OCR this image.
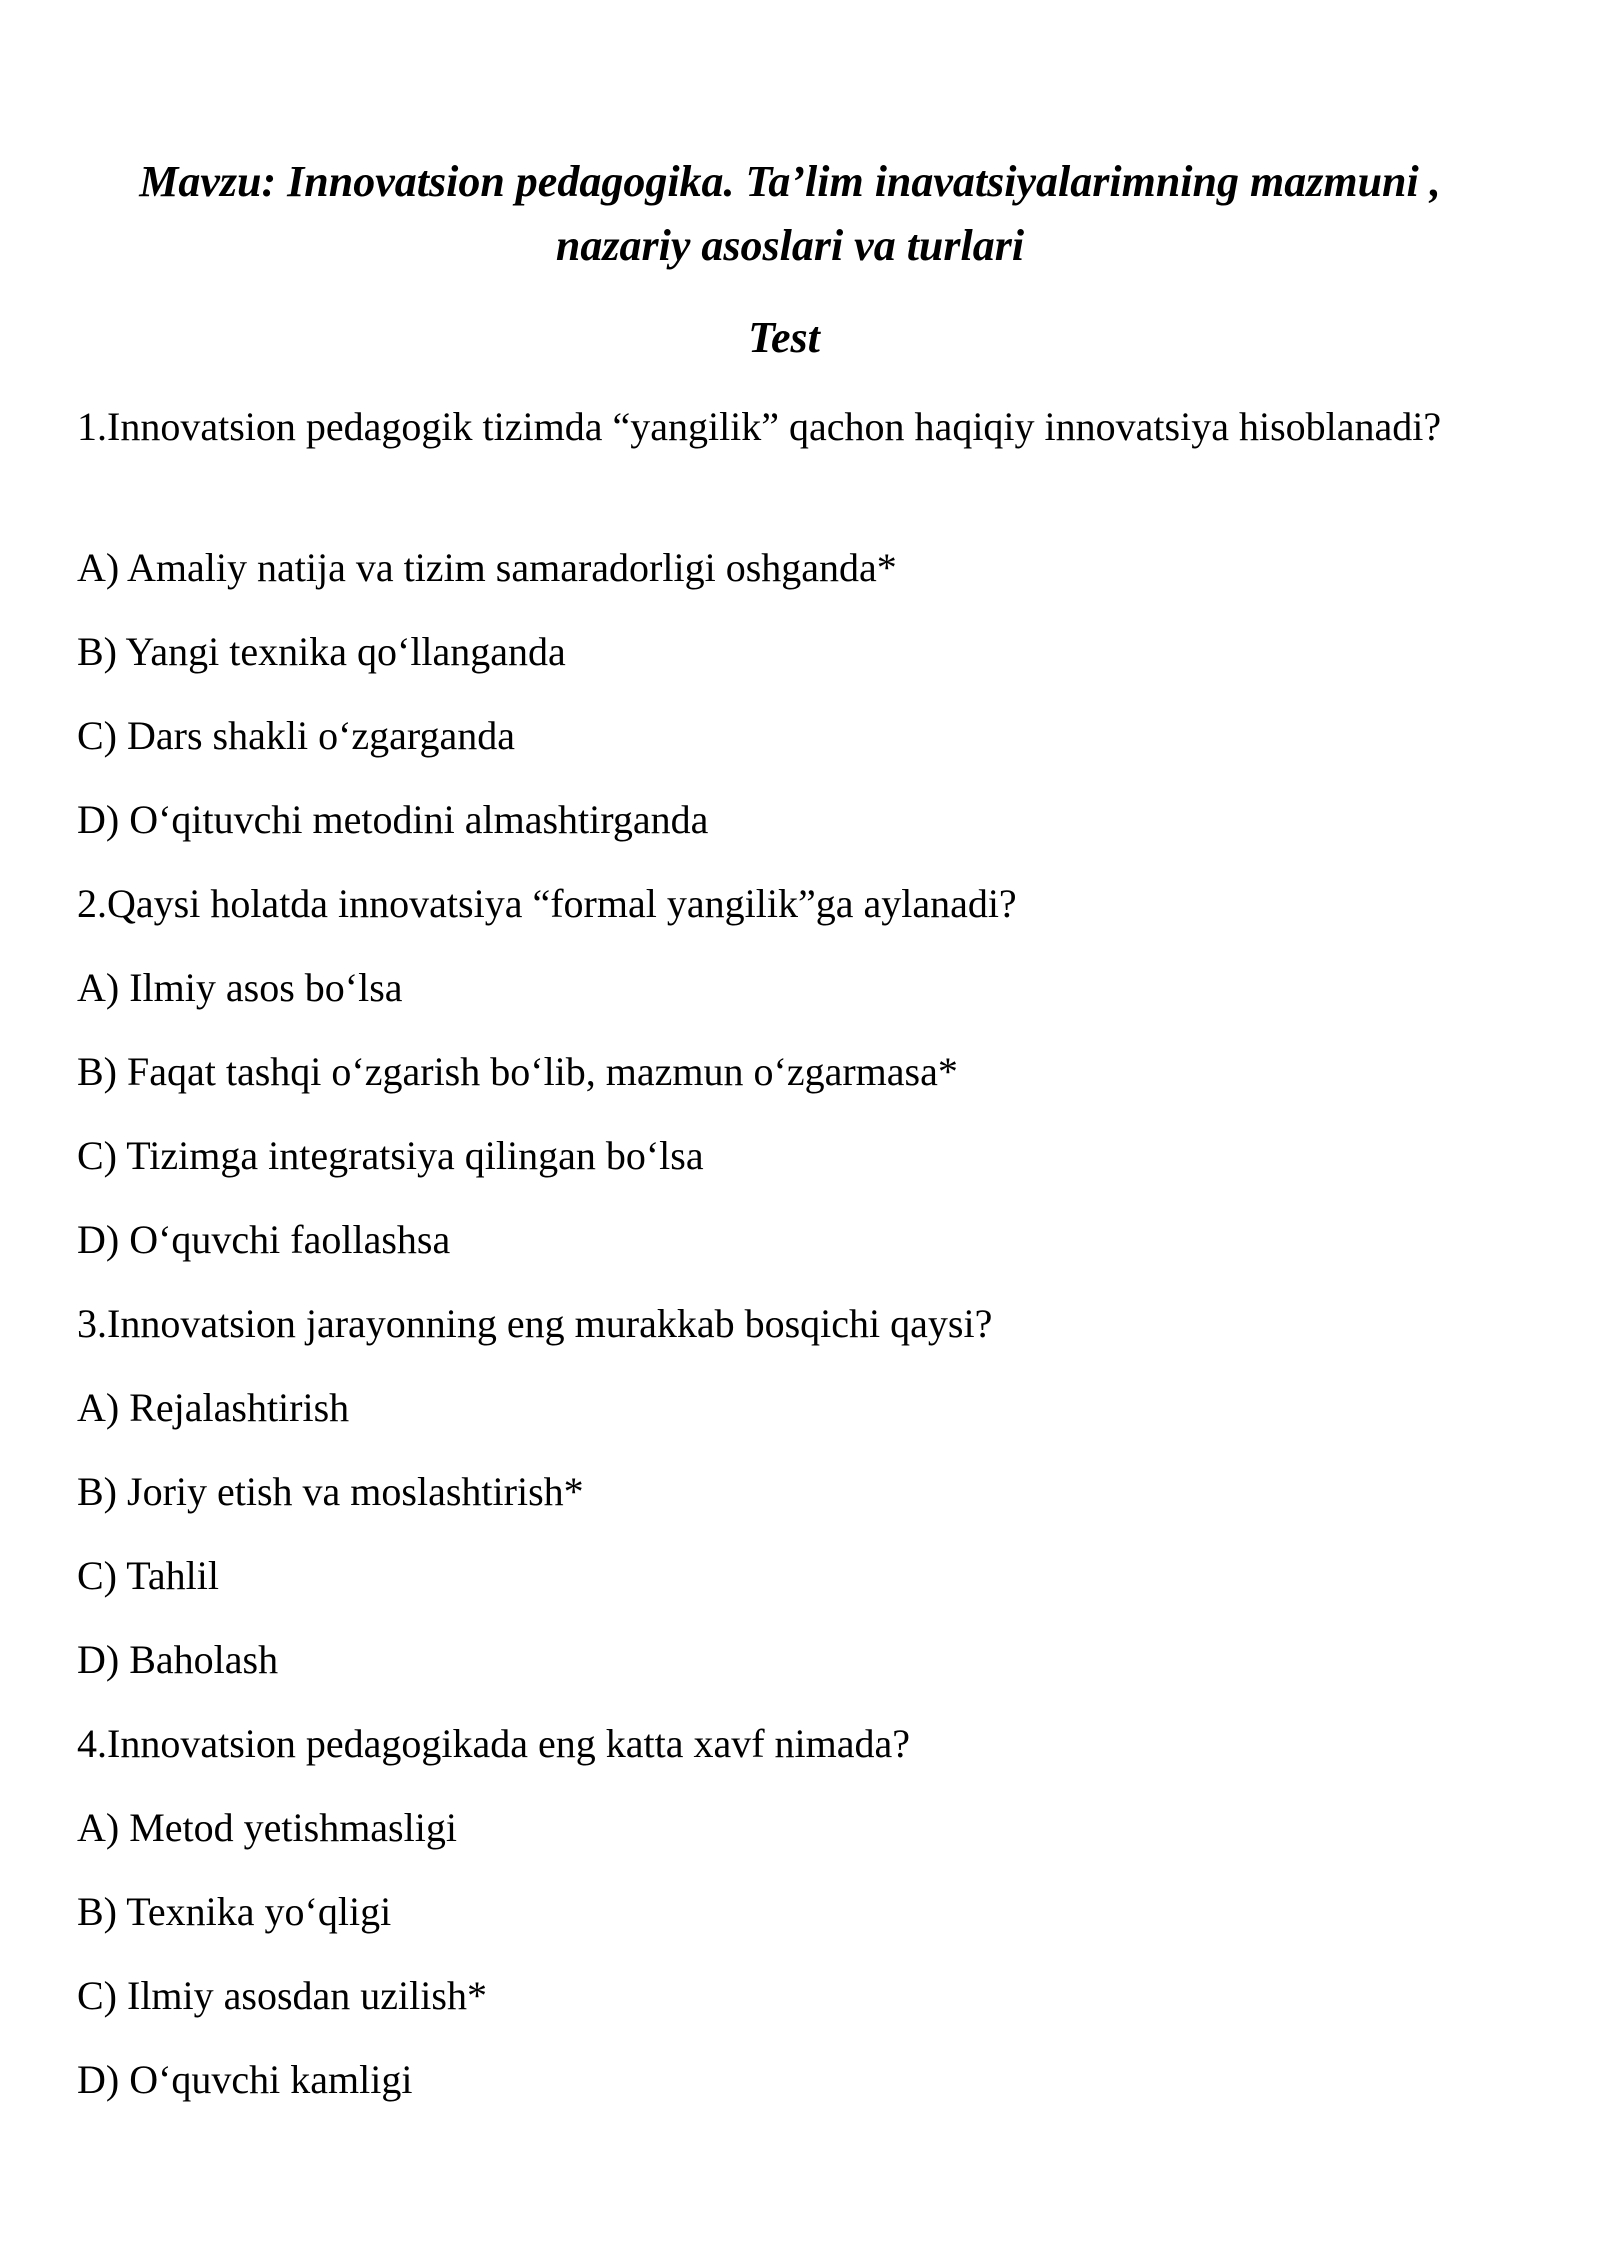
Mavzu: Innovatsion pedagogika. Ta’lim inavatsiyalarimning mazmuni , nazariy asoslari va turlari
Test

1.Innovatsion pedagogik tizimda “yangilik” qachon haqiqiy innovatsiya hisoblanadi?

A) Amaliy natija va tizim samaradorligi oshganda*

B) Yangi texnika qo‘llanganda

C) Dars shakli o‘zgarganda

D) O‘qituvchi metodini almashtirganda

2.Qaysi holatda innovatsiya “formal yangilik”ga aylanadi?

A) Ilmiy asos bo‘lsa

B) Faqat tashqi o‘zgarish bo‘lib, mazmun o‘zgarmasa*

C) Tizimga integratsiya qilingan bo‘lsa

D) O‘quvchi faollashsa

3.Innovatsion jarayonning eng murakkab bosqichi qaysi?

A) Rejalashtirish

B) Joriy etish va moslashtirish*

C) Tahlil

D) Baholash

4.Innovatsion pedagogikada eng katta xavf nimada?

A) Metod yetishmasligi

B) Texnika yo‘qligi

C) Ilmiy asosdan uzilish*

D) O‘quvchi kamligi
